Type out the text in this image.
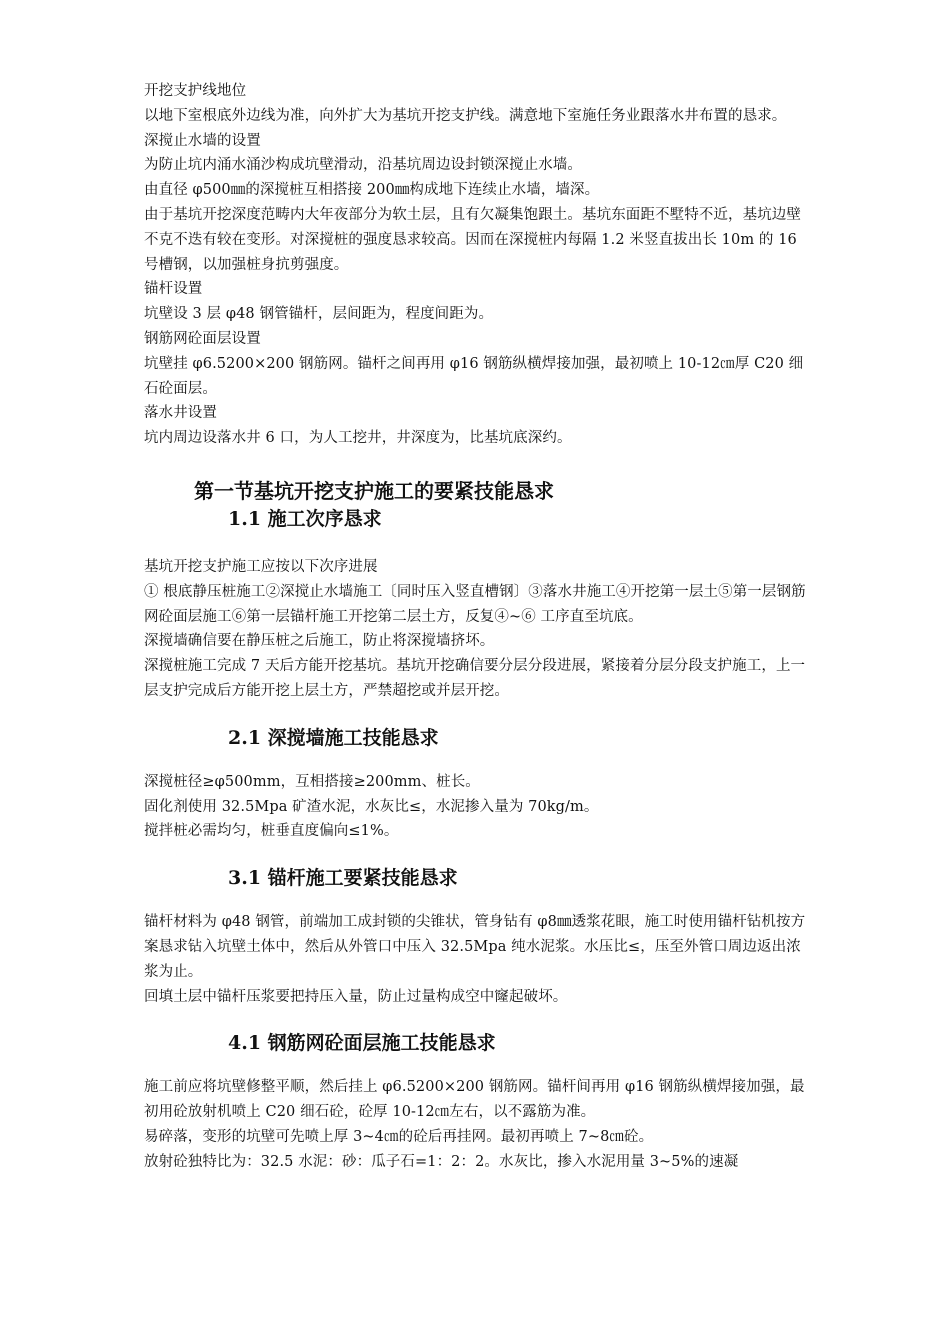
开挖支护线地位

以地下室根底外边线为准，向外扩大为基坑开挖支护线。满意地下室施任务业跟落水井布置的恳求。

深搅止水墙的设置

为防止坑内涌水涌沙构成坑壁滑动，沿基坑周边设封锁深搅止水墙。

由直径 φ500㎜的深搅桩互相搭接 200㎜构成地下连续止水墙，墙深。

由于基坑开挖深度范畴内大年夜部分为软土层，且有欠凝集饱跟土。基坑东面距不墅特不近，基坑边壁不克不迭有较在变形。对深搅桩的强度恳求较高。因而在深搅桩内每隔 1.2 米竖直拔出长 10m 的 16 号槽钢，以加强桩身抗剪强度。

锚杆设置

坑壁设 3 层 φ48 钢管锚杆，层间距为，程度间距为。

钢筋网砼面层设置

坑壁挂 φ6.5200×200 钢筋网。锚杆之间再用 φ16 钢筋纵横焊接加强，最初喷上 10-12㎝厚 C20 细石砼面层。

落水井设置

坑内周边设落水井 6 口，为人工挖井，井深度为，比基坑底深约。

第一节基坑开挖支护施工的要紧技能恳求
1.1 施工次序恳求

基坑开挖支护施工应按以下次序进展

① 根底静压桩施工②深搅止水墙施工〔同时压入竖直槽钢〕③落水井施工④开挖第一层土⑤第一层钢筋网砼面层施工⑥第一层锚杆施工开挖第二层土方，反复④~⑥ 工序直至坑底。

深搅墙确信要在静压桩之后施工，防止将深搅墙挤坏。

深搅桩施工完成 7 天后方能开挖基坑。基坑开挖确信要分层分段进展，紧接着分层分段支护施工，上一层支护完成后方能开挖上层土方，严禁超挖或并层开挖。

2.1 深搅墙施工技能恳求

深搅桩径≥φ500mm，互相搭接≥200mm、桩长。

固化剂使用 32.5Mpa 矿渣水泥，水灰比≤，水泥掺入量为 70kg/m。

搅拌桩必需均匀，桩垂直度偏向≤1%。

3.1 锚杆施工要紧技能恳求

锚杆材料为 φ48 钢管，前端加工成封锁的尖锥状，管身钻有 φ8㎜透浆花眼，施工时使用锚杆钻机按方案恳求钻入坑壁土体中，然后从外管口中压入 32.5Mpa 纯水泥浆。水压比≤，压至外管口周边返出浓浆为止。

回填土层中锚杆压浆要把持压入量，防止过量构成空中窿起破坏。

4.1 钢筋网砼面层施工技能恳求

施工前应将坑壁修整平顺，然后挂上 φ6.5200×200 钢筋网。锚杆间再用 φ16 钢筋纵横焊接加强，最初用砼放射机喷上 C20 细石砼，砼厚 10-12㎝左右，以不露筋为准。

易碎落，变形的坑壁可先喷上厚 3~4㎝的砼后再挂网。最初再喷上 7~8㎝砼。

放射砼独特比为：32.5 水泥：砂：瓜子石=1：2：2。水灰比，掺入水泥用量 3~5%的速凝
